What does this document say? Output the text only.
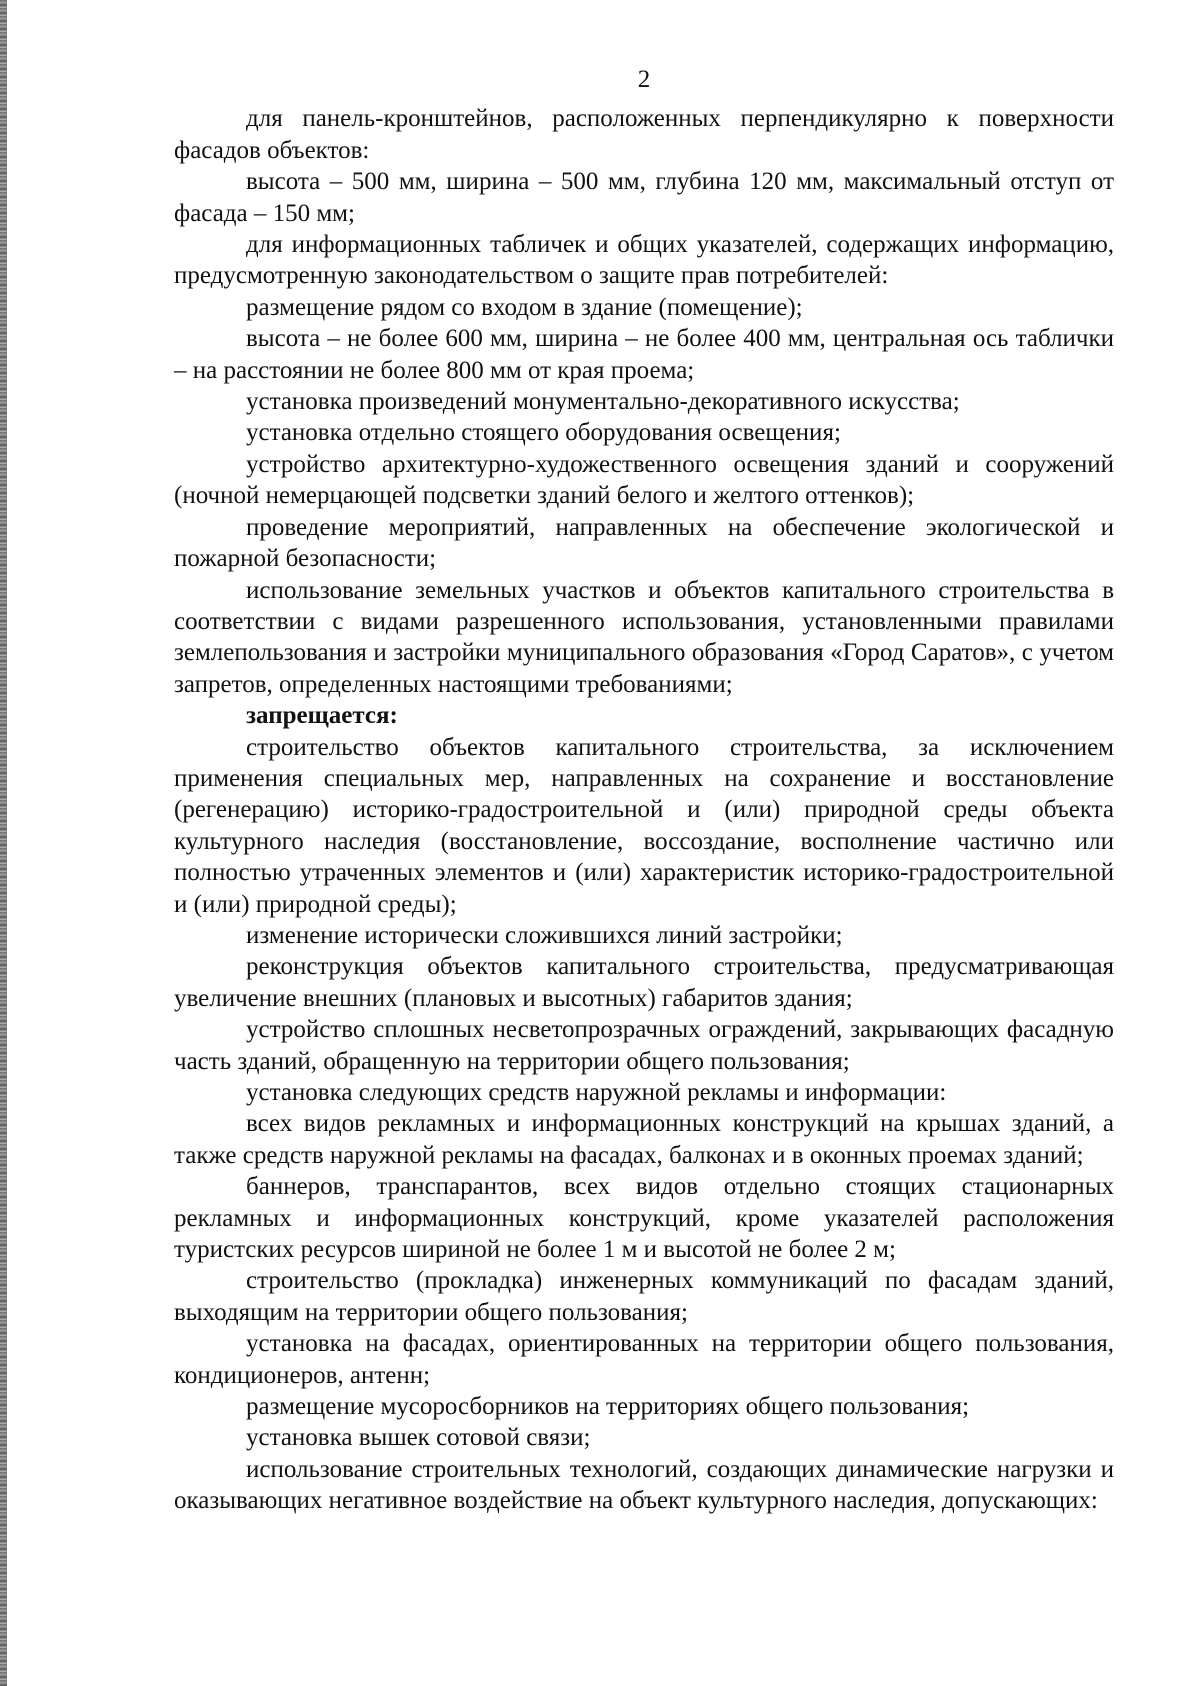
2

для панель-кронштейнов, расположенных перпендикулярно к поверхности фасадов объектов:

высота – 500 мм, ширина – 500 мм, глубина 120 мм, максимальный отступ от фасада – 150 мм;

для информационных табличек и общих указателей, содержащих информацию, предусмотренную законодательством о защите прав потребителей:

размещение рядом со входом в здание (помещение);

высота – не более 600 мм, ширина – не более 400 мм, центральная ось таблички – на расстоянии не более 800 мм от края проема;

установка произведений монументально-декоративного искусства;

установка отдельно стоящего оборудования освещения;

устройство архитектурно-художественного освещения зданий и сооружений (ночной немерцающей подсветки зданий белого и желтого оттенков);

проведение мероприятий, направленных на обеспечение экологической и пожарной безопасности;

использование земельных участков и объектов капитального строительства в соответствии с видами разрешенного использования, установленными правилами землепользования и застройки муниципального образования «Город Саратов», с учетом запретов, определенных настоящими требованиями;

запрещается:

строительство объектов капитального строительства, за исключением применения специальных мер, направленных на сохранение и восстановление (регенерацию) историко-градостроительной и (или) природной среды объекта культурного наследия (восстановление, воссоздание, восполнение частично или полностью утраченных элементов и (или) характеристик историко-градостроительной и (или) природной среды);

изменение исторически сложившихся линий застройки;

реконструкция объектов капитального строительства, предусматривающая увеличение внешних (плановых и высотных) габаритов здания;

устройство сплошных несветопрозрачных ограждений, закрывающих фасадную часть зданий, обращенную на территории общего пользования;

установка следующих средств наружной рекламы и информации:

всех видов рекламных и информационных конструкций на крышах зданий, а также средств наружной рекламы на фасадах, балконах и в оконных проемах зданий;

баннеров, транспарантов, всех видов отдельно стоящих стационарных рекламных и информационных конструкций, кроме указателей расположения туристских ресурсов шириной не более 1 м и высотой не более 2 м;

строительство (прокладка) инженерных коммуникаций по фасадам зданий, выходящим на территории общего пользования;

установка на фасадах, ориентированных на территории общего пользования, кондиционеров, антенн;

размещение мусоросборников на территориях общего пользования;

установка вышек сотовой связи;

использование строительных технологий, создающих динамические нагрузки и оказывающих негативное воздействие на объект культурного наследия, допускающих:
